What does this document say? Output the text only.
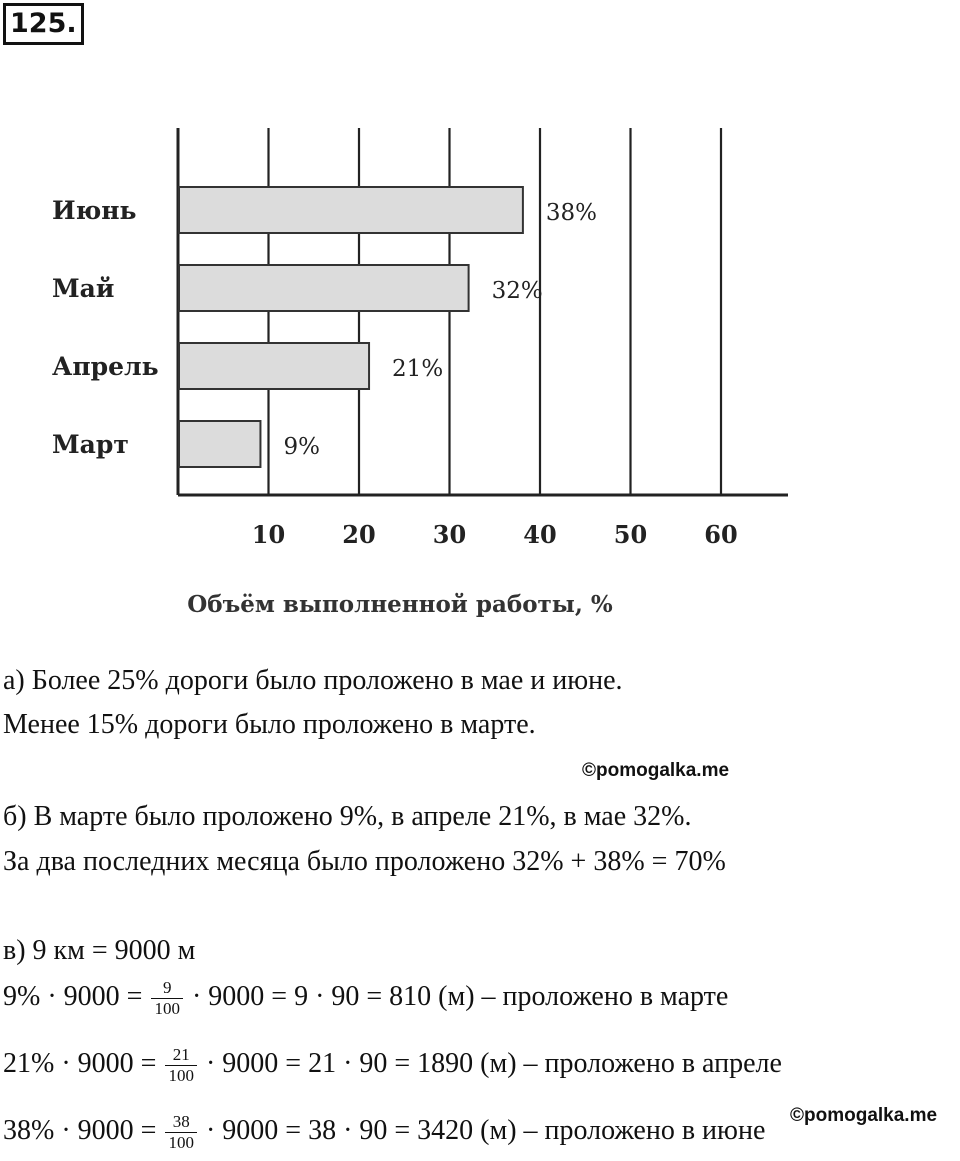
125.
Июнь
Май
Апрель
Март
38%
32%
21%
9%
10 20 30 40 50 60
Объём выполненной работы, %

а) Более 25% дороги было проложено в мае и июне.

Менее 15% дороги было проложено в марте.

©pomogalka.me

б) В марте было проложено 9%, в апреле 21%, в мае 32%.

За два последних месяца было проложено 32% + 38% = 70%

в) 9 км = 9000 м

$9\% \cdot 9000 = \frac{9}{100} \cdot 9000 = 9 \cdot 90 = 810$ (м) – проложено в марте

$21\% \cdot 9000 = \frac{21}{100} \cdot 9000 = 21 \cdot 90 = 1890$ (м) – проложено в апреле

©pomogalka.me

$38\% \cdot 9000 = \frac{38}{100} \cdot 9000 = 38 \cdot 90 = 3420$ (м) – проложено в июне
